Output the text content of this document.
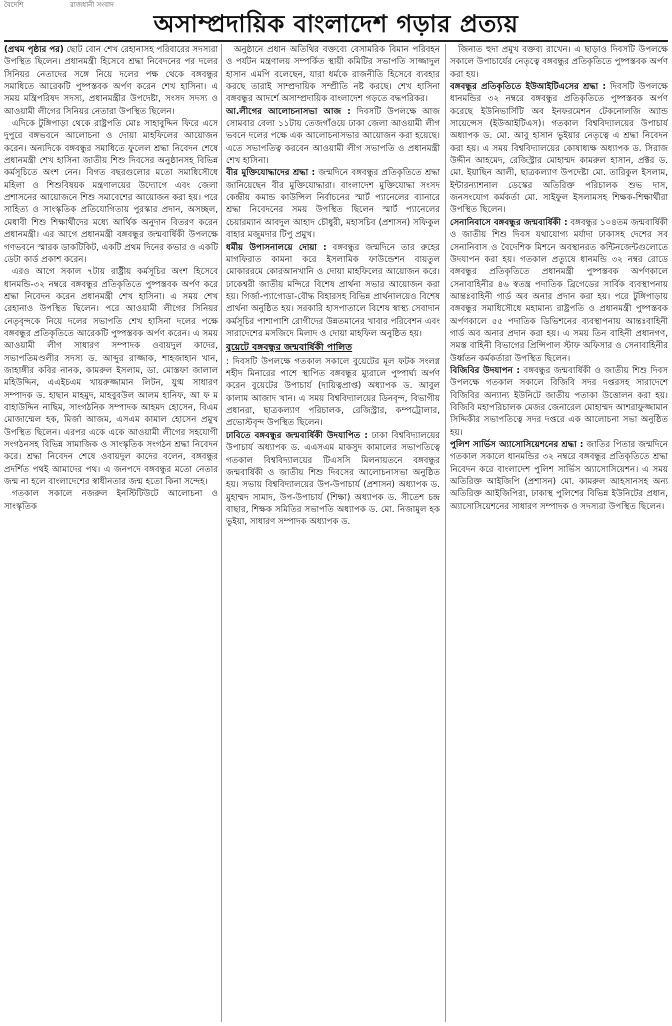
বৈদেশি	রাজধানী সংবাদ
অসাম্প্রদায়িক বাংলাদেশ গড়ার প্রত্যয়

(প্রথম পৃষ্ঠার পর) ছোট বোন শেখ রেহানাসহ পরিবারের সদস্যরা উপস্থিত ছিলেন। প্রধানমন্ত্রী হিসেবে শ্রদ্ধা নিবেদনের পর দলের সিনিয়র নেতাদের সঙ্গে নিয়ে দলের পক্ষ থেকে বঙ্গবন্ধুর সমাধিতে আরেকটি পুষ্পস্তবক অর্পণ করেন শেখ হাসিনা। এ সময় মন্ত্রিপরিষদ সদস্য, প্রধানমন্ত্রীর উপদেষ্টা, সংসদ সদস্য ও আওয়ামী লীগের সিনিয়র নেতারা উপস্থিত ছিলেন।

এদিকে টুঙ্গিপাড়া থেকে রাষ্ট্রপতি মোঃ সাহাবুদ্দিন ফিরে এসে দুপুরে বঙ্গভবনে আলোচনা ও দোয়া মাহফিলের আয়োজন করেন। অন্যদিকে বঙ্গবন্ধুর সমাধিতে ফুলেল শ্রদ্ধা নিবেদন শেষে প্রধানমন্ত্রী শেখ হাসিনা জাতীয় শিশু দিবসের অনুষ্ঠানসহ বিভিন্ন কর্মসূচিতে অংশ নেন। বিগত বছরগুলোর মতো সমাধিসৌধে মহিলা ও শিশুবিষয়ক মন্ত্রণালয়ের উদ্যোগে এবং জেলা প্রশাসনের আয়োজনে শিশু সমাবেশের আয়োজন করা হয়। পরে সাহিত্য ও সাংস্কৃতিক প্রতিযোগিতায় পুরস্কার প্রদান, অসচ্ছল, মেধাবী শিশু শিক্ষার্থীদের মধ্যে আর্থিক অনুদান বিতরণ করেন প্রধানমন্ত্রী। এর আগে প্রধানমন্ত্রী বঙ্গবন্ধুর জন্মবার্ষিকী উপলক্ষে গণভবনে স্মারক ডাকটিকিট, একটি প্রথম দিনের কভার ও একটি ডেটা কার্ড প্রকাশ করেন।

এরও আগে সকাল ৭টায় রাষ্ট্রীয় কর্মসূচির অংশ হিসেবে ধানমন্ডি-৩২ নম্বরে বঙ্গবন্ধুর প্রতিকৃতিতে পুষ্পস্তবক অর্পণ করে শ্রদ্ধা নিবেদন করেন প্রধানমন্ত্রী শেখ হাসিনা। এ সময় শেখ রেহানাও উপস্থিত ছিলেন। পরে আওয়ামী লীগের সিনিয়র নেতৃবৃন্দকে নিয়ে দলের সভাপতি শেখ হাসিনা দলের পক্ষে বঙ্গবন্ধুর প্রতিকৃতিতে আরেকটি পুষ্পস্তবক অর্পণ করেন। এ সময় আওয়ামী লীগ সাধারণ সম্পাদক ওবায়দুল কাদের, সভাপতিমণ্ডলীর সদস্য ড. আব্দুর রাজ্জাক, শাহজাহান খান, জাহাঙ্গীর কবির নানক, কামরুল ইসলাম, ডা. মোস্তফা জালাল মহিউদ্দিন, এএইচএম খায়রুজ্জামান লিটন, যুগ্ম সাধারণ সম্পাদক ড. হাছান মাহমুদ, মাহবুবউল আলম হানিফ, আ ফ ম বাহাউদ্দিন নাছিম, সাংগঠনিক সম্পাদক আহমদ হোসেন, বিএম মোজাম্মেল হক, মির্জা আজম, এসএম কামাল হোসেন প্রমুখ উপস্থিত ছিলেন। এরপর একে একে আওয়ামী লীগের সহযোগী সংগঠনসহ বিভিন্ন সামাজিক ও সাংস্কৃতিক সংগঠন শ্রদ্ধা নিবেদন করে। শ্রদ্ধা নিবেদন শেষে ওবায়দুল কাদের বলেন, বঙ্গবন্ধুর প্রদর্শিত পথই আমাদের পথ। এ জনপদে বঙ্গবন্ধুর মতো নেতার জন্ম না হলে বাংলাদেশের স্বাধীনতার জন্ম হতো কিনা সন্দেহ।

গতকাল সকালে নজরুল ইনস্টিটিউটে আলোচনা ও সাংস্কৃতিক

অনুষ্ঠানে প্রধান অতিথির বক্তব্যে বেসামরিক বিমান পরিবহন ও পর্যটন মন্ত্রণালয় সম্পর্কিত স্থায়ী কমিটির সভাপতি সাজ্জাদুল হাসান এমপি বলেছেন, যারা ধর্মকে রাজনীতি হিসেবে ব্যবহার করছে তারাই সাম্প্রদায়িক সম্প্রীতি নষ্ট করছে। শেখ হাসিনা বঙ্গবন্ধুর আদর্শে অসাম্প্রদায়িক বাংলাদেশ গড়তে বদ্ধপরিকর।

আ.লীগের আলোচনাসভা আজ : দিবসটি উপলক্ষে আজ সোমবার বেলা ১১টায় তেজগাঁওয়ে ঢাকা জেলা আওয়ামী লীগ ভবনে দলের পক্ষে এক আলোচনাসভার আয়োজন করা হয়েছে। এতে সভাপতিত্ব করবেন আওয়ামী লীগ সভাপতি ও প্রধানমন্ত্রী শেখ হাসিনা।

বীর মুক্তিযোদ্ধাদের শ্রদ্ধা : জন্মদিনে বঙ্গবন্ধুর প্রতিকৃতিতে শ্রদ্ধা জানিয়েছেন বীর মুক্তিযোদ্ধারা। বাংলাদেশ মুক্তিযোদ্ধা সংসদ কেন্দ্রীয় কমান্ড কাউন্সিল নির্বাচনের স্মার্ট প্যানেলের ব্যানারে শ্রদ্ধা নিবেদনের সময় উপস্থিত ছিলেন স্মার্ট প্যানেলের চেয়ারম্যান আবদুল আহাদ চৌধুরী, মহাসচিব (প্রশাসন) সফিকুল বাহার মজুমদার টিপু প্রমুখ।

ধর্মীয় উপাসনালয়ে দোয়া : বঙ্গবন্ধুর জন্মদিনে তার রুহের মাগফিরাত কামনা করে ইসলামিক ফাউন্ডেশন বায়তুল মোকাররমে কোরআনখানি ও দোয়া মাহফিলের আয়োজন করে। ঢাকেশ্বরী জাতীয় মন্দিরে বিশেষ প্রার্থনা সভার আয়োজন করা হয়। গির্জা-প্যাগোডা-বৌদ্ধ বিহারসহ বিভিন্ন প্রার্থনালয়েও বিশেষ প্রার্থনা অনুষ্ঠিত হয়। সরকারি হাসপাতালে বিশেষ স্বাস্থ্য সেবাদান কর্মসূচির পাশাপাশি রোগীদের উন্নতমানের খাবার পরিবেশন এবং সারাদেশের মসজিদে মিলাদ ও দোয়া মাহফিল অনুষ্ঠিত হয়।

বুয়েটে বঙ্গবন্ধুর জন্মবার্ষিকী পালিত

: দিবসটি উপলক্ষে গতকাল সকালে বুয়েটের মূল ফটক সংলগ্ন শহীদ মিনারের পাশে স্থাপিত বঙ্গবন্ধুর ম্যুরালে পুষ্পার্ঘ্য অর্পণ করেন বুয়েটের উপাচার্য (দায়িত্বপ্রাপ্ত) অধ্যাপক ড. আবুল কালাম আজাদ খান। এ সময় বিশ্ববিদ্যালয়ের ডিনবৃন্দ, বিভাগীয় প্রধানরা, ছাত্রকল্যাণ পরিচালক, রেজিস্ট্রার, কম্পট্রোলার, প্রভোস্টবৃন্দ উপস্থিত ছিলেন।

ঢাবিতে বঙ্গবন্ধুর জন্মবার্ষিকী উদযাপিত : ঢাকা বিশ্ববিদ্যালয়ের উপাচার্য অধ্যাপক ড. এএসএম মাকসুদ কামালের সভাপতিত্বে গতকাল বিশ্ববিদ্যালয়ের টিএসসি মিলনায়তনে বঙ্গবন্ধুর জন্মবার্ষিকী ও জাতীয় শিশু দিবসের আলোচনাসভা অনুষ্ঠিত হয়। সভায় বিশ্ববিদ্যালয়ের উপ-উপাচার্য (প্রশাসন) অধ্যাপক ড. মুহাম্মদ সামাদ, উপ-উপাচার্য (শিক্ষা) অধ্যাপক ড. সীতেশ চন্দ্র বাছার, শিক্ষক সমিতির সভাপতি অধ্যাপক ড. মো. নিজামুল হক ভুইয়া, সাধারণ সম্পাদক অধ্যাপক ড.

জিনাত হুদা প্রমুখ বক্তব্য রাখেন। এ ছাড়াও দিবসটি উপলক্ষে সকালে উপাচার্যের নেতৃত্বে বঙ্গবন্ধুর প্রতিকৃতিতে পুষ্পস্তবক অর্পণ করা হয়।

বঙ্গবন্ধুর প্রতিকৃতিতে ইউআইটিএসের শ্রদ্ধা : দিবসটি উপলক্ষে ধানমন্ডির ৩২ নম্বরে বঙ্গবন্ধুর প্রতিকৃতিতে পুষ্পস্তবক অর্পণ করেছে ইউনিভার্সিটি অব ইনফরমেশন টেকনোলজি অ্যান্ড সায়েন্সেস (ইউআইটিএস)। গতকাল বিশ্ববিদ্যালয়ের উপাচার্য অধ্যাপক ড. মো. আবু হাসান ভুইয়ার নেতৃত্বে এ শ্রদ্ধা নিবেদন করা হয়। এ সময় বিশ্ববিদ্যালয়ের কোষাধ্যক্ষ অধ্যাপক ড. সিরাজ উদ্দীন আহমেদ, রেজিস্ট্রার মোহাম্মদ কামরুল হাসান, প্রক্টর ড. মো. ইয়াছিন আলী, ছাত্রকল্যাণ উপদেষ্টা মো. তারিকুল ইসলাম, ইন্টারন্যাশনাল ডেস্কের অতিরিক্ত পরিচালক শুভ দাস, জনসংযোগ কর্মকর্তা মো. সাইফুল ইসলামসহ শিক্ষক-শিক্ষার্থীরা উপস্থিত ছিলেন।

সেনানিবাসে বঙ্গবন্ধুর জন্মবার্ষিকী : বঙ্গবন্ধুর ১০৪তম জন্মবার্ষিকী ও জাতীয় শিশু দিবস যথাযোগ্য মর্যাদা ঢাকাসহ দেশের সব সেনানিবাস ও বৈদেশিক মিশনে অবস্থানরত কন্টিনজেন্টগুলোতে উদযাপন করা হয়। গতকাল প্রত্যুষে ধানমন্ডি ৩২ নম্বর রোডে বঙ্গবন্ধুর প্রতিকৃতিতে প্রধানমন্ত্রী পুষ্পস্তবক অর্পণকালে সেনাবাহিনীর ৪৬ স্বতন্ত্র পদাতিক ব্রিগেডের সার্বিক ব্যবস্থাপনায় আন্তঃবাহিনী গার্ড অব অনার প্রদান করা হয়। পরে টুঙ্গিপাড়ায় বঙ্গবন্ধুর সমাধিসৌধে মহামান্য রাষ্ট্রপতি ও প্রধানমন্ত্রী পুষ্পস্তবক অর্পণকালে ৫৫ পদাতিক ডিভিশনের ব্যবস্থাপনায় আন্তঃবাহিনী গার্ড অব অনার প্রদান করা হয়। এ সময় তিন বাহিনী প্রধানগণ, সমস্ত বাহিনী বিভাগের প্রিন্সিপাল স্টাফ অফিসার ও সেনাবাহিনীর উর্ধ্বতন কর্মকর্তারা উপস্থিত ছিলেন।

বিজিবির উদযাপন : বঙ্গবন্ধুর জন্মবার্ষিকী ও জাতীয় শিশু দিবস উপলক্ষে গতকাল সকালে বিজিবি সদর দপ্তরসহ সারাদেশে বিজিবির অন্যান্য ইউনিটে জাতীয় পতাকা উত্তোলন করা হয়। বিজিবি মহাপরিচালক মেজর জেনারেল মোহাম্মদ আশরাফুজ্জামান সিদ্দিকীর সভাপতিত্বে সদর দপ্তরে এক আলোচনা সভা অনুষ্ঠিত হয়।

পুলিশ সার্ভিস অ্যাসোসিয়েশনের শ্রদ্ধা : জাতির পিতার জন্মদিনে গতকাল সকালে ধানমন্ডির ৩২ নম্বরে বঙ্গবন্ধুর প্রতিকৃতিতে শ্রদ্ধা নিবেদন করে বাংলাদেশ পুলিশ সার্ভিস অ্যাসোসিয়েশন। এ সময় অতিরিক্ত আইজিপি (প্রশাসন) মো. কামরুল আহসানসহ অন্য অতিরিক্ত আইজিপিরা, ঢাকাস্থ পুলিশের বিভিন্ন ইউনিটের প্রধান, অ্যাসোসিয়েশনের সাধারণ সম্পাদক ও সদস্যরা উপস্থিত ছিলেন।
